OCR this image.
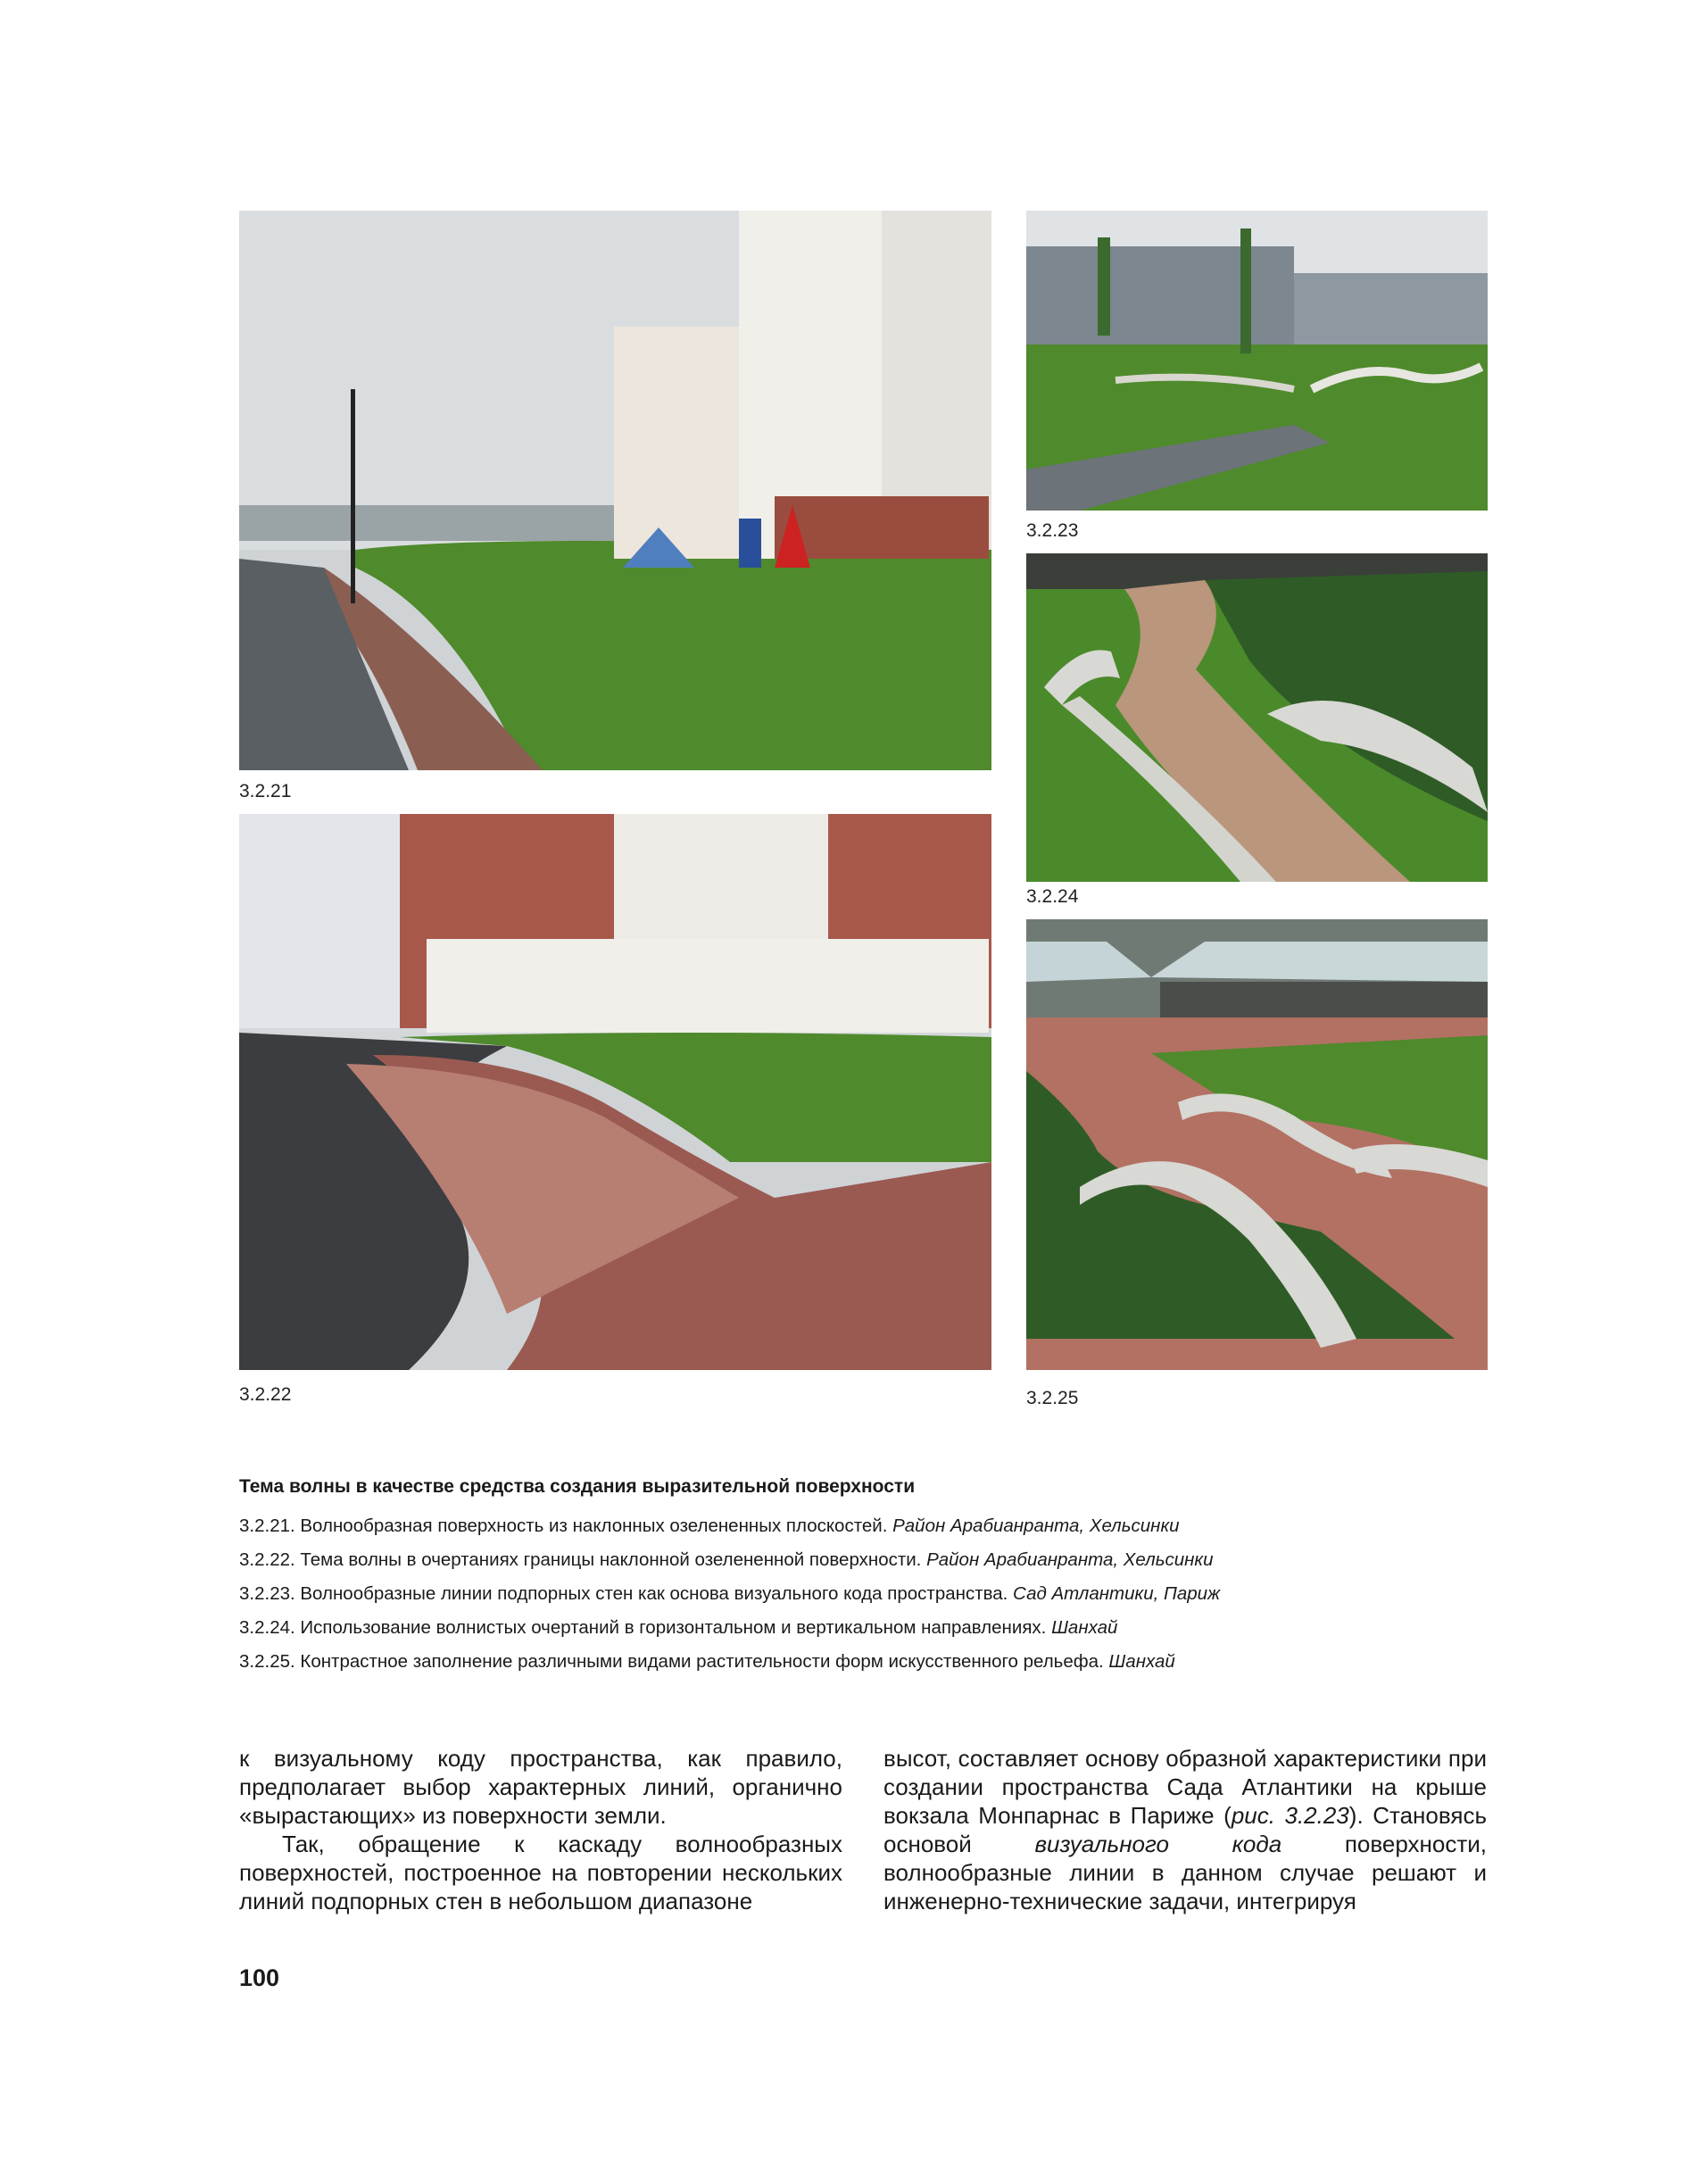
3.2.21
3.2.22
3.2.23
3.2.24
3.2.25

Тема волны в качестве средства создания выразительной поверхности

3.2.21. Волнообразная поверхность из наклонных озелененных плоскостей. Район Арабианранта, Хельсинки

3.2.22. Тема волны в очертаниях границы наклонной озелененной поверхности. Район Арабианранта, Хельсинки

3.2.23. Волнообразные линии подпорных стен как основа визуального кода пространства. Сад Атлантики, Париж

3.2.24. Использование волнистых очертаний в горизонтальном и вертикальном направлениях. Шанхай

3.2.25. Контрастное заполнение различными видами растительности форм искусственного рельефа. Шанхай

к визуальному коду пространства, как правило, предполагает выбор характерных линий, органично «вырастающих» из поверхности земли.

Так, обращение к каскаду волнообразных поверхностей, построенное на повторении нескольких линий подпорных стен в небольшом диапазоне

высот, составляет основу образной характеристики при создании пространства Сада Атлантики на крыше вокзала Монпарнас в Париже (рис. 3.2.23). Становясь основой визуального кода поверхности, волнообразные линии в данном случае решают и инженерно-технические задачи, интегрируя

100
